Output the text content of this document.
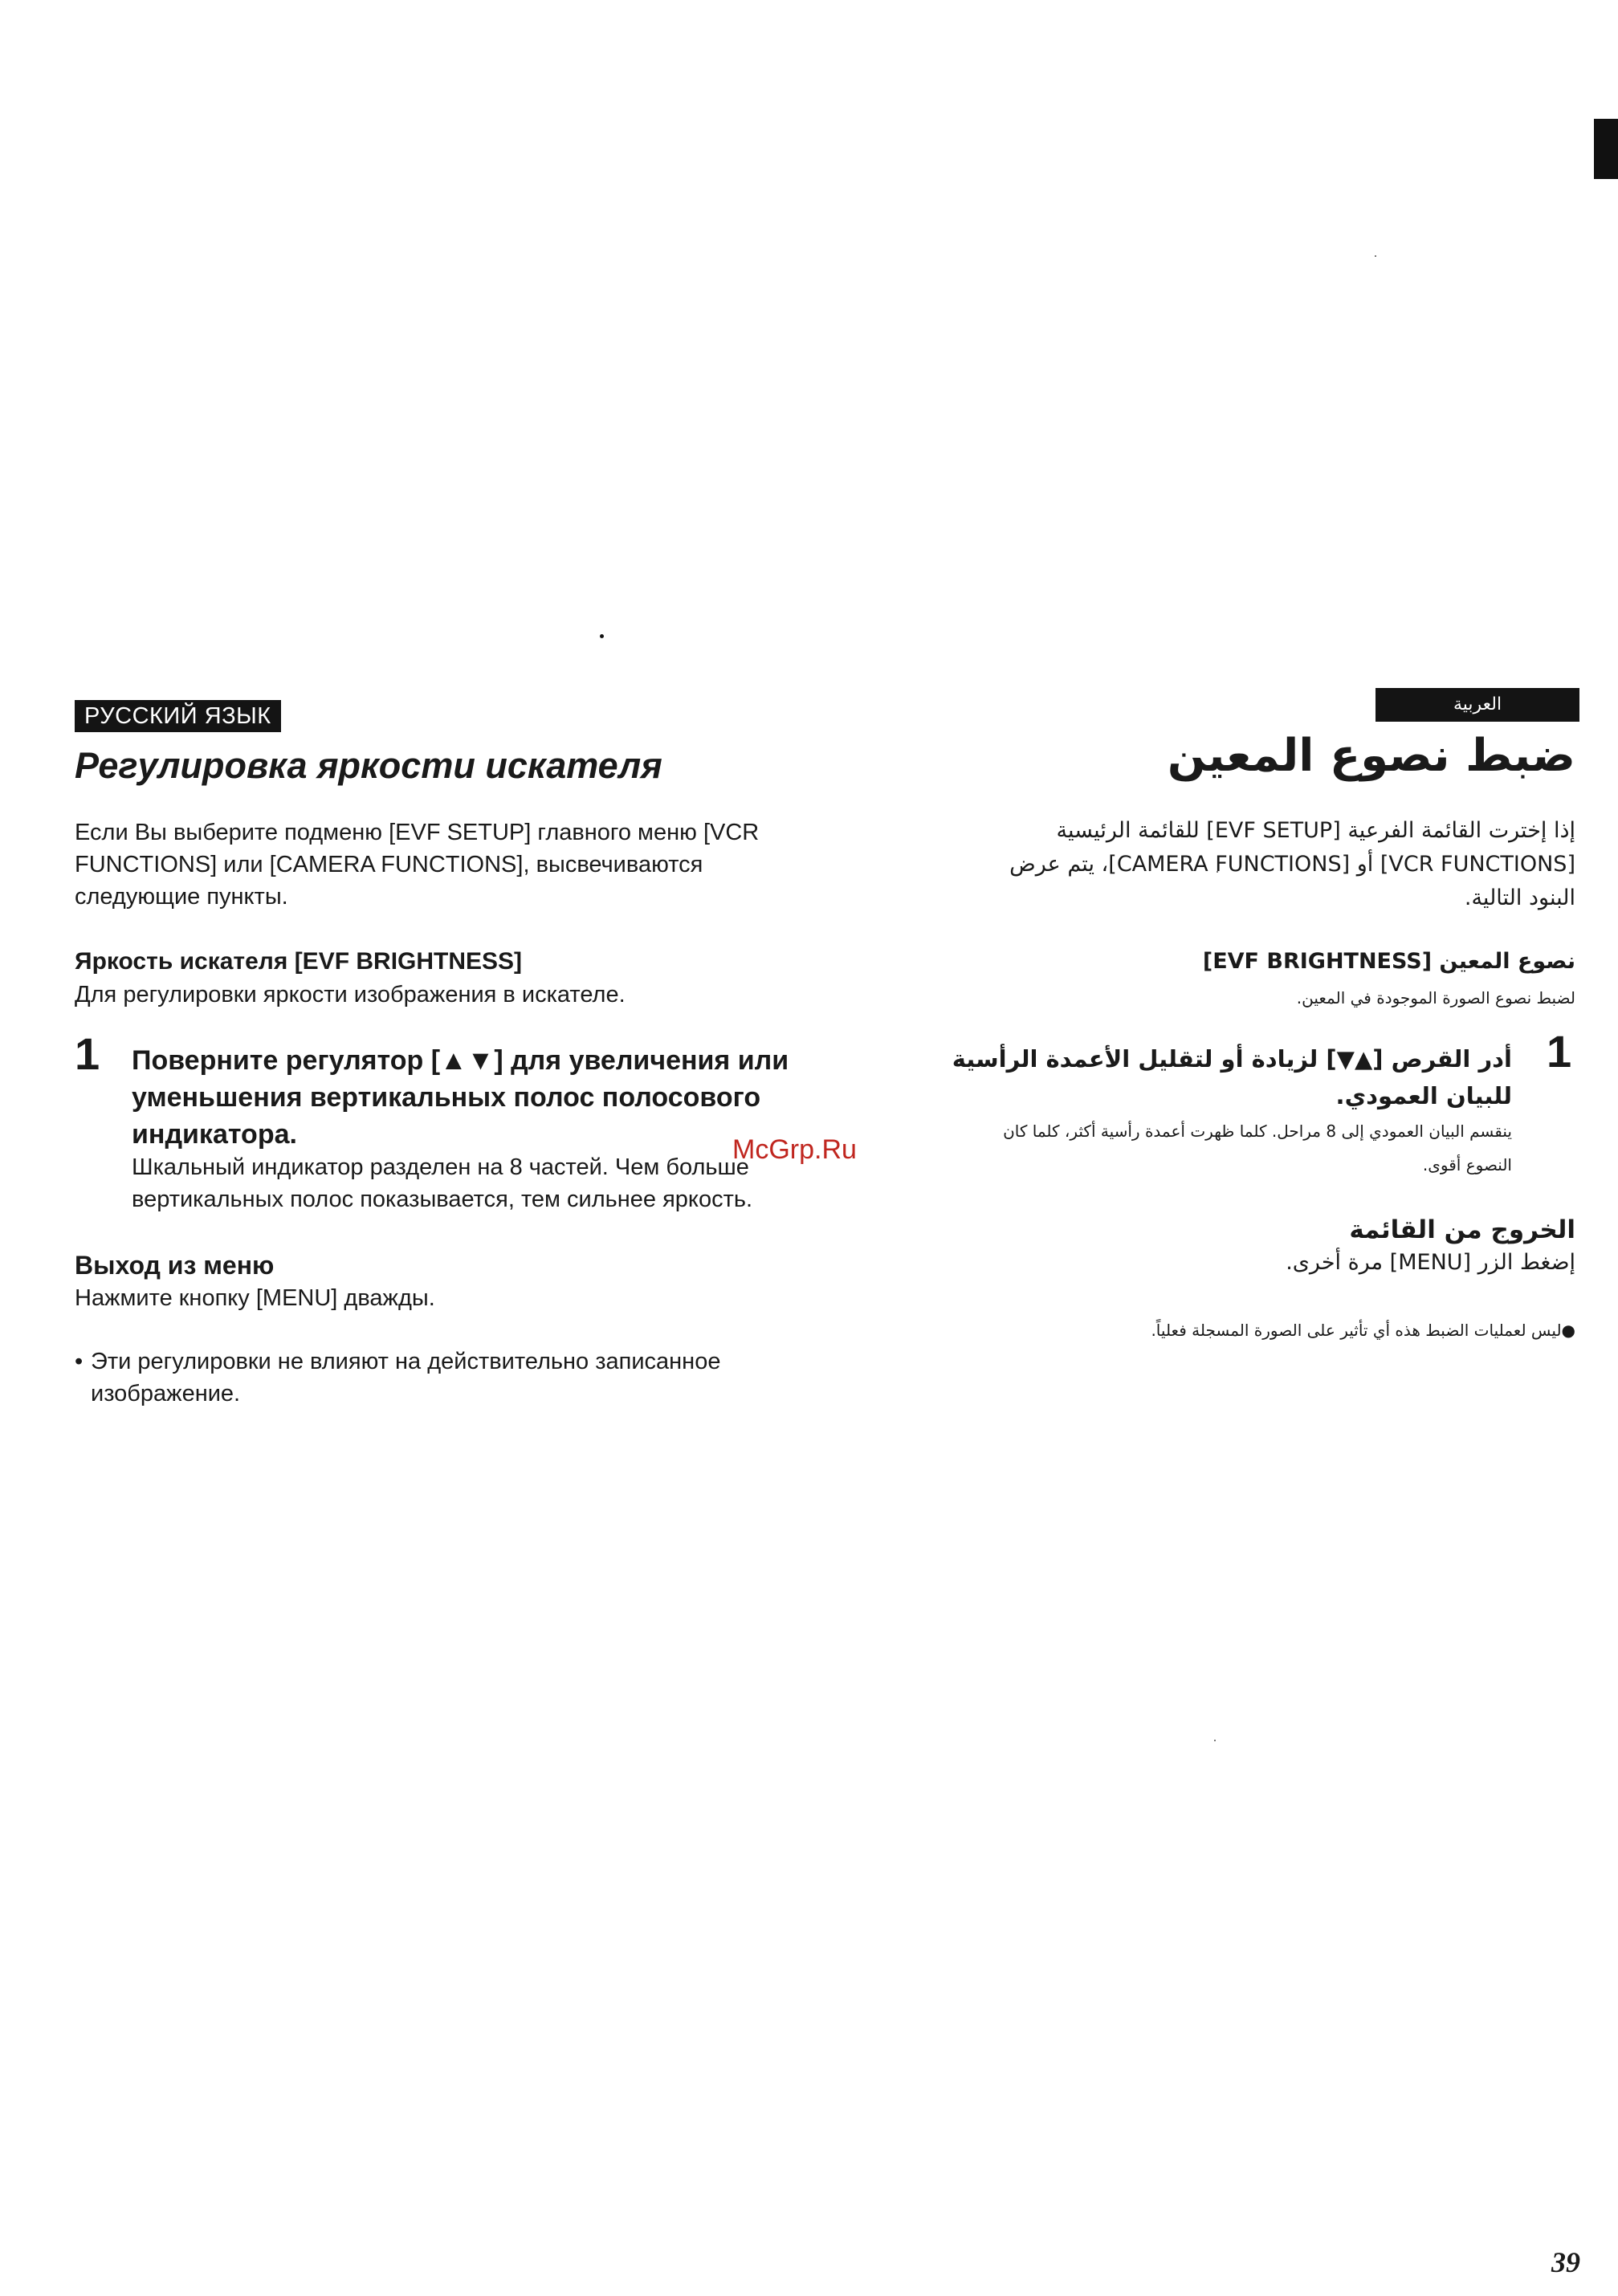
РУССКИЙ ЯЗЫК
Регулировка яркости искателя
Если Вы выберите подменю [EVF SETUP] главного меню [VCR
FUNCTIONS] или [CAMERA FUNCTIONS], высвечиваются
следующие пункты.
Яркость искателя [EVF BRIGHTNESS]
Для регулировки яркости изображения в искателе.
1 Поверните регулятор [▲▼] для увеличения или
уменьшения вертикальных полос полосового
индикатора.
Шкальный индикатор разделен на 8 частей. Чем больше
вертикальных полос показывается, тем сильнее яркость.
Выход из меню
Нажмите кнопку [MENU] дважды.
• Эти регулировки не влияют на действительно записанное
изображение.
العربية
ضبط نصوع المعين
إذا إخترت القائمة الفرعية [EVF SETUP] للقائمة الرئيسية
[VCR FUNCTIONS] أو [CAMERA FUNCTIONS]، يتم عرض
البنود التالية.
نصوع المعين [EVF BRIGHTNESS]
لضبط نصوع الصورة الموجودة في المعين.
1
أدر القرص [▲▼] لزيادة أو لتقليل الأعمدة الرأسية
للبيان العمودي.
ينقسم البيان العمودي إلى 8 مراحل. كلما ظهرت أعمدة رأسية أكثر، كلما كان
النصوع أقوى.
الخروج من القائمة
إضغط الزر [MENU] مرة أخرى.
●ليس لعمليات الضبط هذه أي تأثير على الصورة المسجلة فعلياً.
McGrp.Ru
39
